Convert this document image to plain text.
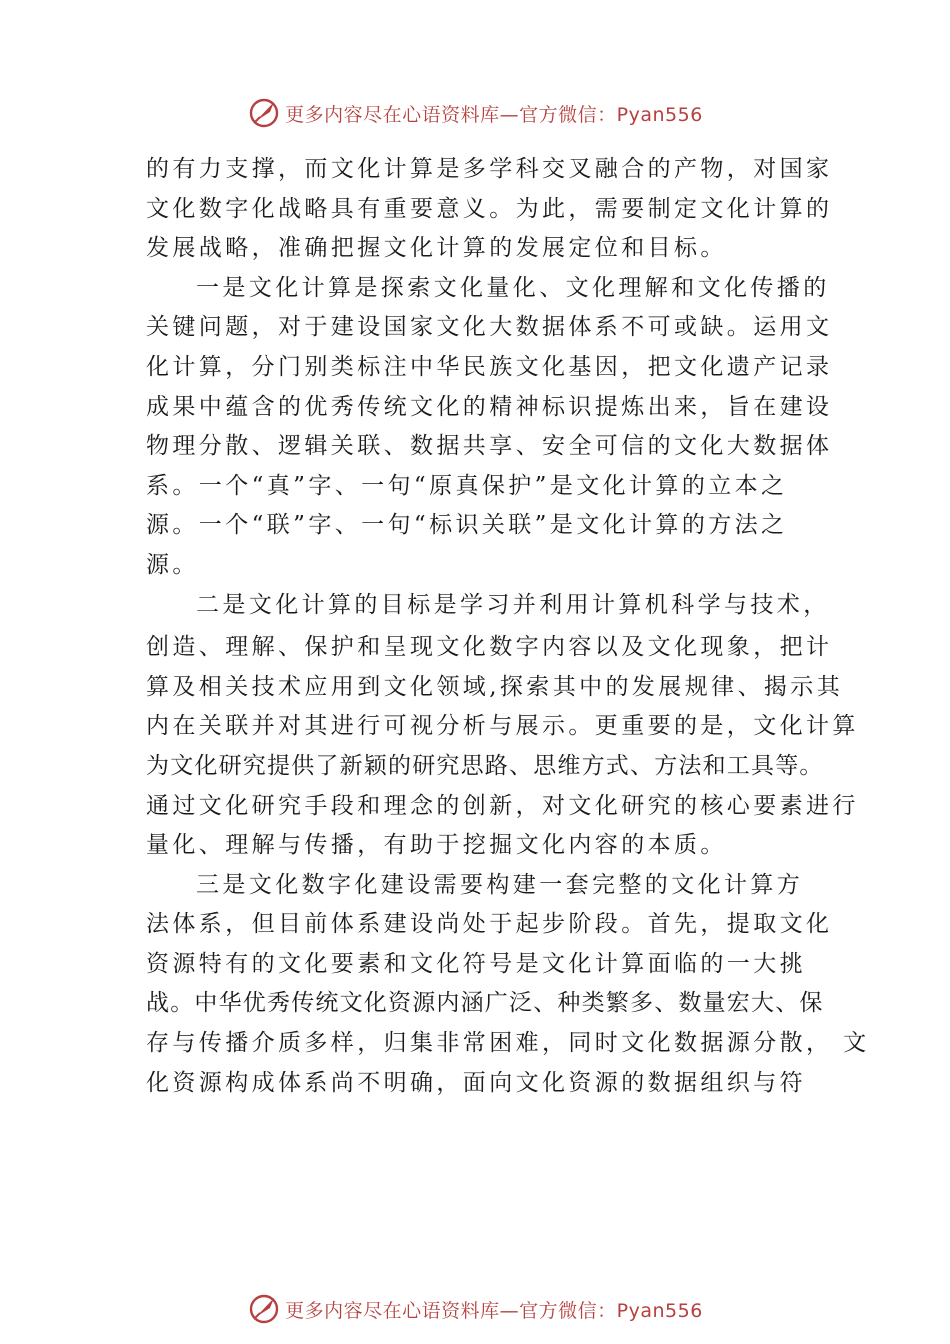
更多内容尽在心语资料库—官方微信：Pyan556
的有力支撑，而文化计算是多学科交叉融合的产物，对国家
文化数字化战略具有重要意义。为此，需要制定文化计算的
发展战略，准确把握文化计算的发展定位和目标。
一是文化计算是探索文化量化、文化理解和文化传播的
关键问题，对于建设国家文化大数据体系不可或缺。运用文
化计算，分门别类标注中华民族文化基因，把文化遗产记录
成果中蕴含的优秀传统文化的精神标识提炼出来，旨在建设
物理分散、逻辑关联、数据共享、安全可信的文化大数据体
系。一个“真”字、一句“原真保护”是文化计算的立本之
源。一个“联”字、一句“标识关联”是文化计算的方法之
源。
二是文化计算的目标是学习并利用计算机科学与技术，
创造、理解、保护和呈现文化数字内容以及文化现象，把计
算及相关技术应用到文化领域,探索其中的发展规律、揭示其
内在关联并对其进行可视分析与展示。更重要的是，文化计算
为文化研究提供了新颖的研究思路、思维方式、方法和工具等。
通过文化研究手段和理念的创新，对文化研究的核心要素进行
量化、理解与传播，有助于挖掘文化内容的本质。
三是文化数字化建设需要构建一套完整的文化计算方
法体系，但目前体系建设尚处于起步阶段。首先，提取文化
资源特有的文化要素和文化符号是文化计算面临的一大挑
战。中华优秀传统文化资源内涵广泛、种类繁多、数量宏大、保
存与传播介质多样，归集非常困难，同时文化数据源分散， 文
化资源构成体系尚不明确，面向文化资源的数据组织与符
更多内容尽在心语资料库—官方微信：Pyan556
